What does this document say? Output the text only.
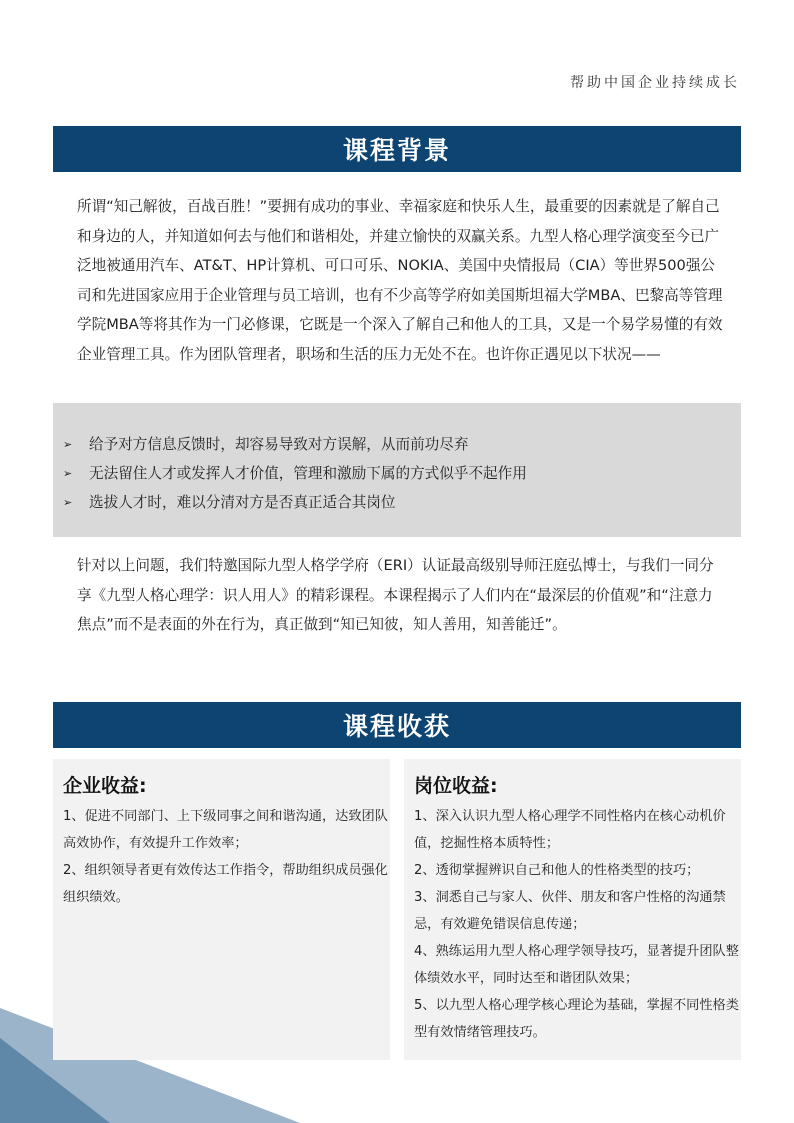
帮助中国企业持续成长
课程背景
所谓“知己解彼，百战百胜！”要拥有成功的事业、幸福家庭和快乐人生，最重要的因素就是了解自己和身边的人，并知道如何去与他们和谐相处，并建立愉快的双赢关系。九型人格心理学演变至今已广泛地被通用汽车、AT&T、HP计算机、可口可乐、NOKIA、美国中央情报局（CIA）等世界500强公司和先进国家应用于企业管理与员工培训，也有不少高等学府如美国斯坦福大学MBA、巴黎高等管理学院MBA等将其作为一门必修课，它既是一个深入了解自己和他人的工具，又是一个易学易懂的有效企业管理工具。作为团队管理者，职场和生活的压力无处不在。也许你正遇见以下状况——
➢	给予对方信息反馈时，却容易导致对方误解，从而前功尽弃
➢	无法留住人才或发挥人才价值，管理和激励下属的方式似乎不起作用
➢	选拔人才时，难以分清对方是否真正适合其岗位
针对以上问题，我们特邀国际九型人格学学府（ERI）认证最高级别导师汪庭弘博士，与我们一同分享《九型人格心理学：识人用人》的精彩课程。本课程揭示了人们内在“最深层的价值观”和“注意力焦点”而不是表面的外在行为，真正做到“知已知彼，知人善用，知善能迁”。
课程收获
企业收益:
1、促进不同部门、上下级同事之间和谐沟通，达致团队高效协作，有效提升工作效率；
2、组织领导者更有效传达工作指令，帮助组织成员强化组织绩效。
岗位收益:
1、深入认识九型人格心理学不同性格内在核心动机价值，挖掘性格本质特性；
2、透彻掌握辨识自己和他人的性格类型的技巧；
3、洞悉自己与家人、伙伴、朋友和客户性格的沟通禁忌，有效避免错误信息传递；
4、熟练运用九型人格心理学领导技巧，显著提升团队整体绩效水平，同时达至和谐团队效果；
5、以九型人格心理学核心理论为基础，掌握不同性格类型有效情绪管理技巧。
